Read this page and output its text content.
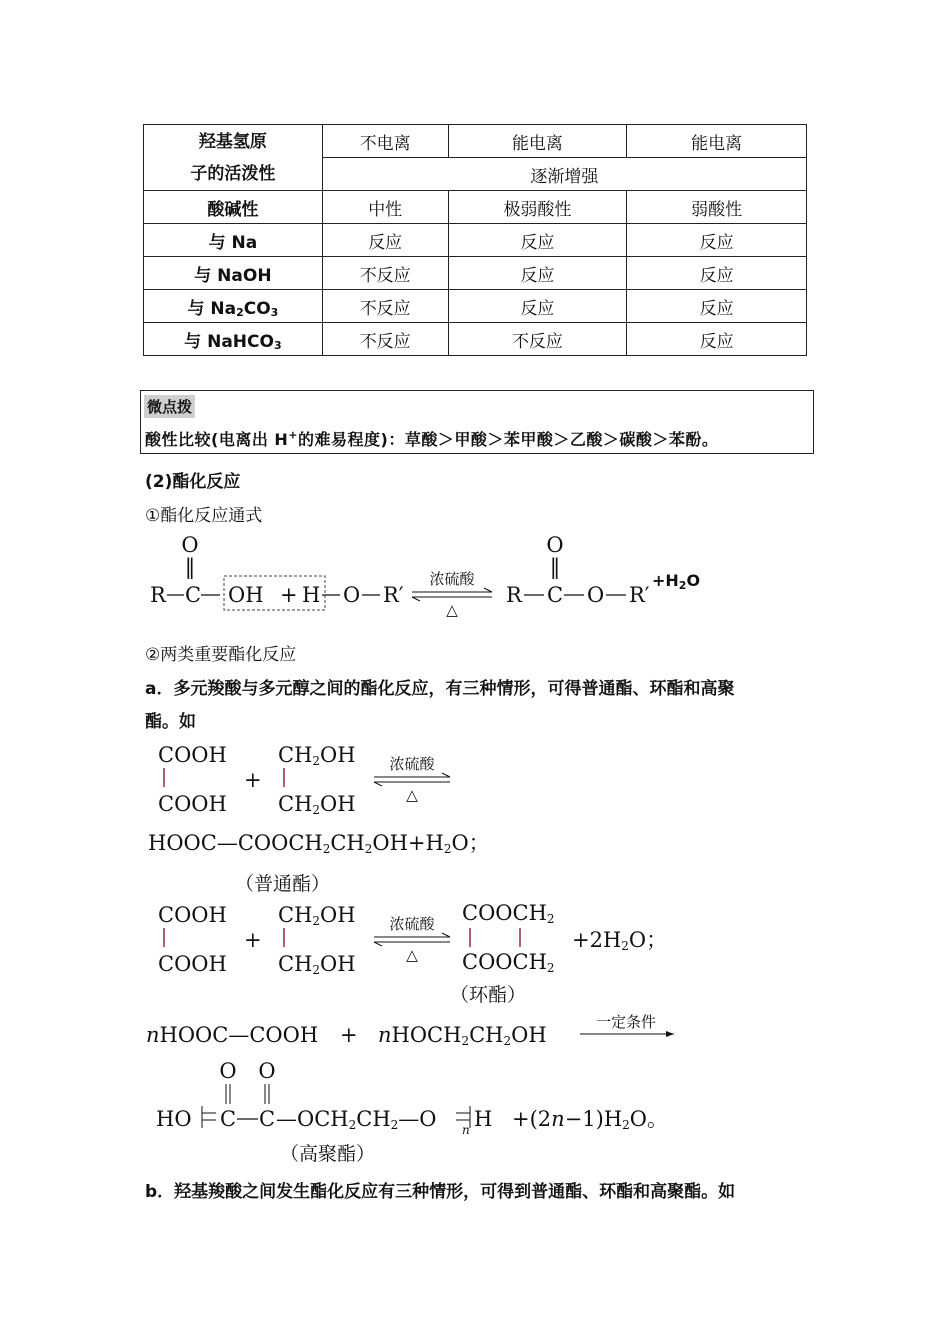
羟基氢原
子的活泼性	不电离	能电离	能电离
	逐渐增强		
酸碱性	中性	极弱酸性	弱酸性
与 Na	反应	反应	反应
与 NaOH	不反应	反应	反应
与 Na2CO3	不反应	反应	反应
与 NaHCO3	不反应	不反应	反应
微点拨
酸性比较(电离出 H+的难易程度)：草酸＞甲酸＞苯甲酸＞乙酸＞碳酸＞苯酚。
(2)酯化反应
①酯化反应通式
O
‖
R C OH + H O R′
浓硫酸
△
O
‖
R C O R′
+H2O
②两类重要酯化反应
a．多元羧酸与多元醇之间的酯化反应，有三种情形，可得普通酯、环酯和高聚
酯。如
COOH
COOH
+
CH2OH
CH2OH
浓硫酸
△
HOOC—COOCH2CH2OH+H2O；
（普通酯）
COOH
COOH
+
CH2OH
CH2OH
浓硫酸
△
COOCH2
COOCH2
+2H2O；
（环酯）
nHOOC—COOH + nHOCH2CH2OH
一定条件
O O
HO C C —OCH2CH2—O n H +(2n−1)H2O。
（高聚酯）
b．羟基羧酸之间发生酯化反应有三种情形，可得到普通酯、环酯和高聚酯。如
